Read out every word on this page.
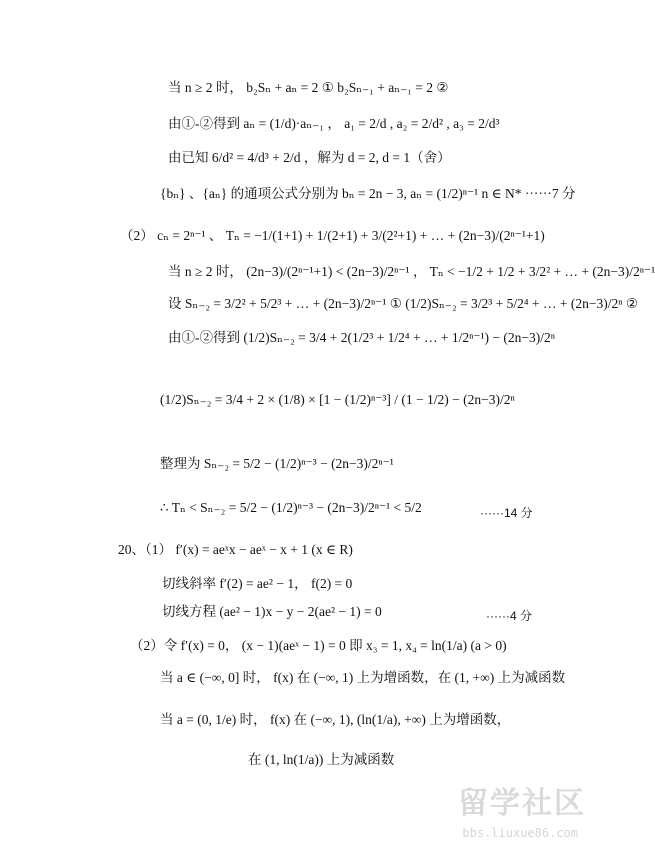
当 n ≥ 2 时， b₂Sₙ + aₙ = 2 ① b₂Sₙ₋₁ + aₙ₋₁ = 2 ②
由①-②得到 aₙ = (1/d)·aₙ₋₁ ， a₁ = 2/d , a₂ = 2/d² , a₃ = 2/d³
由已知 6/d² = 4/d³ + 2/d ，解为 d = 2, d = 1（舍）
{bₙ} 、{aₙ} 的通项公式分别为 bₙ = 2n − 3, aₙ = (1/2)ⁿ⁻¹ n ∈ N* ······7 分
（2） cₙ = 2ⁿ⁻¹ 、 Tₙ = −1/(1+1) + 1/(2+1) + 3/(2²+1) + … + (2n−3)/(2ⁿ⁻¹+1)
当 n ≥ 2 时， (2n−3)/(2ⁿ⁻¹+1) < (2n−3)/2ⁿ⁻¹ ， Tₙ < −1/2 + 1/2 + 3/2² + … + (2n−3)/2ⁿ⁻¹
设 Sₙ₋₂ = 3/2² + 5/2³ + … + (2n−3)/2ⁿ⁻¹ ① (1/2)Sₙ₋₂ = 3/2³ + 5/2⁴ + … + (2n−3)/2ⁿ ②
由①-②得到 (1/2)Sₙ₋₂ = 3/4 + 2(1/2³ + 1/2⁴ + … + 1/2ⁿ⁻¹) − (2n−3)/2ⁿ
(1/2)Sₙ₋₂ = 3/4 + 2 × (1/8) × [1 − (1/2)ⁿ⁻³] / (1 − 1/2) − (2n−3)/2ⁿ
整理为 Sₙ₋₂ = 5/2 − (1/2)ⁿ⁻³ − (2n−3)/2ⁿ⁻¹
∴ Tₙ < Sₙ₋₂ = 5/2 − (1/2)ⁿ⁻³ − (2n−3)/2ⁿ⁻¹ < 5/2	······14 分
20、（1） f′(x) = aeˣx − aeˣ − x + 1 (x ∈ R)
切线斜率 f′(2) = ae² − 1， f(2) = 0
切线方程 (ae² − 1)x − y − 2(ae² − 1) = 0	······4 分
（2）令 f′(x) = 0， (x − 1)(aeˣ − 1) = 0 即 x₃ = 1, x₄ = ln(1/a) (a > 0)
当 a ∈ (−∞, 0] 时， f(x) 在 (−∞, 1) 上为增函数，在 (1, +∞) 上为减函数
当 a = (0, 1/e) 时， f(x) 在 (−∞, 1), (ln(1/a), +∞) 上为增函数，
在 (1, ln(1/a)) 上为减函数
留学社区
bbs.liuxue86.com
